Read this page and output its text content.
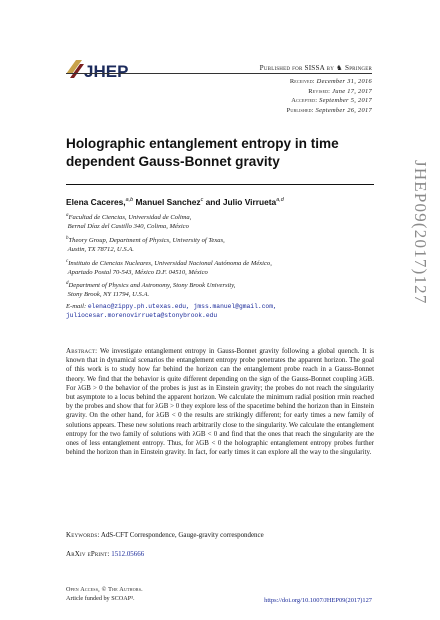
JHEP	Published for SISSA by ♞ Springer
Received: December 31, 2016
Revised: June 17, 2017
Accepted: September 5, 2017
Published: September 26, 2017
Holographic entanglement entropy in time dependent Gauss-Bonnet gravity
Elena Caceres,$^{a,b}$ Manuel Sanchez$^c$ and Julio Virrueta$^{a,d}$
$^a$Facultad de Ciencias, Universidad de Colima,
Bernal Díaz del Castillo 340, Colima, México
$^b$Theory Group, Department of Physics, University of Texas,
Austin, TX 78712, U.S.A.
$^c$Instituto de Ciencias Nucleares, Universidad Nacional Autónoma de México,
Apartado Postal 70-543, México D.F. 04510, México
$^d$Department of Physics and Astronomy, Stony Brook University,
Stony Brook, NY 11794, U.S.A.
E-mail: elenac@zippy.ph.utexas.edu, jmss.manuel@gmail.com,
juliocesar.morenovirrueta@stonybrook.edu
Abstract: We investigate entanglement entropy in Gauss-Bonnet gravity following a global quench. It is known that in dynamical scenarios the entanglement entropy probe penetrates the apparent horizon. The goal of this work is to study how far behind the horizon can the entanglement probe reach in a Gauss-Bonnet theory. We find that the behavior is quite different depending on the sign of the Gauss-Bonnet coupling λGB. For λGB > 0 the behavior of the probes is just as in Einstein gravity; the probes do not reach the singularity but asymptote to a locus behind the apparent horizon. We calculate the minimum radial position rmin reached by the probes and show that for λGB > 0 they explore less of the spacetime behind the horizon than in Einstein gravity. On the other hand, for λGB < 0 the results are strikingly different; for early times a new family of solutions appears. These new solutions reach arbitrarily close to the singularity. We calculate the entanglement entropy for the two family of solutions with λGB < 0 and find that the ones that reach the singularity are the ones of less entanglement entropy. Thus, for λGB < 0 the holographic entanglement entropy probes further behind the horizon than in Einstein gravity. In fact, for early times it can explore all the way to the singularity.
Keywords: AdS-CFT Correspondence, Gauge-gravity correspondence
ArXiv ePrint: 1512.05666
Open Access, © The Authors.
Article funded by SCOAP³.	https://doi.org/10.1007/JHEP09(2017)127
JHEP09(2017)127
